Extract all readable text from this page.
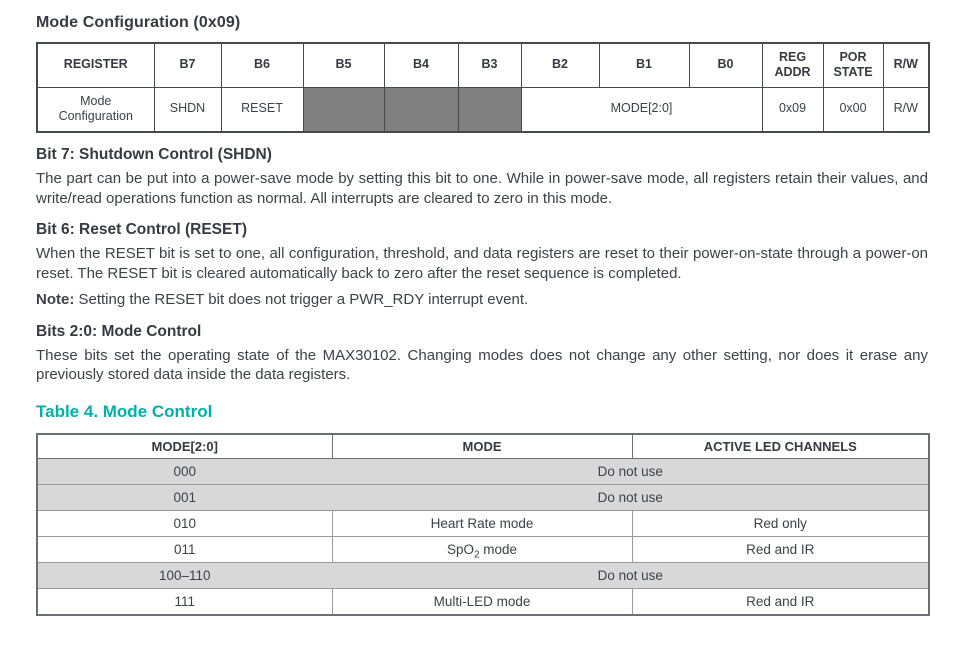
Mode Configuration (0x09)
REGISTER	B7	B6	B5	B4	B3	B2	B1	B0	REG ADDR	POR STATE	R/W
Mode Configuration	SHDN	RESET				MODE[2:0]			0x09	0x00	R/W
Bit 7: Shutdown Control (SHDN)

The part can be put into a power-save mode by setting this bit to one. While in power-save mode, all registers retain their values, and write/read operations function as normal. All interrupts are cleared to zero in this mode.

Bit 6: Reset Control (RESET)

When the RESET bit is set to one, all configuration, threshold, and data registers are reset to their power-on-state through a power-on reset. The RESET bit is cleared automatically back to zero after the reset sequence is completed.

Note: Setting the RESET bit does not trigger a PWR_RDY interrupt event.

Bits 2:0: Mode Control

These bits set the operating state of the MAX30102. Changing modes does not change any other setting, nor does it erase any previously stored data inside the data registers.

Table 4. Mode Control
MODE[2:0]	MODE	ACTIVE LED CHANNELS
000	Do not use	
001	Do not use	
010	Heart Rate mode	Red only
011	SpO$_2$ mode	Red and IR
100–110	Do not use	
111	Multi-LED mode	Red and IR
